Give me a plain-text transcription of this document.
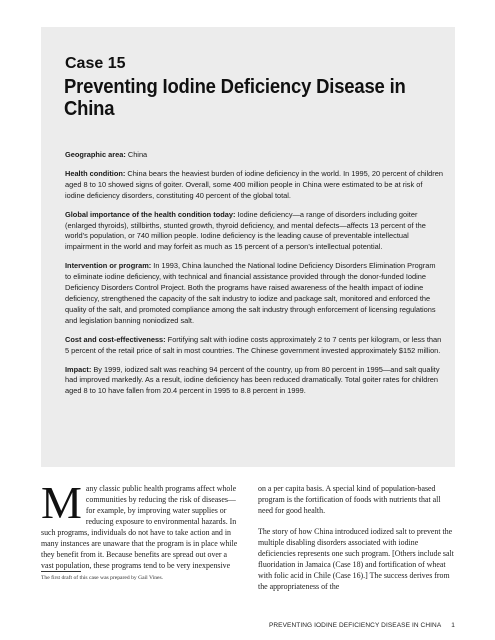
Case 15

Preventing Iodine Deficiency Disease in China

Geographic area: China

Health condition: China bears the heaviest burden of iodine deficiency in the world. In 1995, 20 percent of children aged 8 to 10 showed signs of goiter. Overall, some 400 million people in China were estimated to be at risk of iodine deficiency disorders, constituting 40 percent of the global total.

Global importance of the health condition today: Iodine deficiency—a range of disorders including goiter (enlarged thyroids), stillbirths, stunted growth, thyroid deficiency, and mental defects—affects 13 percent of the world’s population, or 740 million people. Iodine deficiency is the leading cause of preventable intellectual impairment in the world and may forfeit as much as 15 percent of a person’s intellectual potential.

Intervention or program: In 1993, China launched the National Iodine Deficiency Disorders Elimination Program to eliminate iodine deficiency, with technical and financial assistance provided through the donor-funded Iodine Deficiency Disorders Control Project. Both the programs have raised awareness of the health impact of iodine deficiency, strengthened the capacity of the salt industry to iodize and package salt, monitored and enforced the quality of the salt, and promoted compliance among the salt industry through enforcement of licensing regulations and legislation banning noniodized salt.

Cost and cost-effectiveness: Fortifying salt with iodine costs approximately 2 to 7 cents per kilogram, or less than 5 percent of the retail price of salt in most countries. The Chinese government invested approximately $152 million.

Impact: By 1999, iodized salt was reaching 94 percent of the country, up from 80 percent in 1995—and salt quality had improved markedly. As a result, iodine deficiency has been reduced dramatically. Total goiter rates for children aged 8 to 10 have fallen from 20.4 percent in 1995 to 8.8 percent in 1999.

Many classic public health programs affect whole communities by reducing the risk of diseases—for example, by improving water supplies or reducing exposure to environmental hazards. In such programs, individuals do not have to take action and in many instances are unaware that the program is in place while they benefit from it. Because benefits are spread out over a vast population, these programs tend to be very inexpensive

on a per capita basis. A special kind of population-based program is the fortification of foods with nutrients that all need for good health.

The story of how China introduced iodized salt to prevent the multiple disabling disorders associated with iodine deficiencies represents one such program. [Others include salt fluoridation in Jamaica (Case 18) and fortification of wheat with folic acid in Chile (Case 16).] The success derives from the appropriateness of the

The first draft of this case was prepared by Gail Vines.

PREVENTING IODINE DEFICIENCY DISEASE IN CHINA 1
